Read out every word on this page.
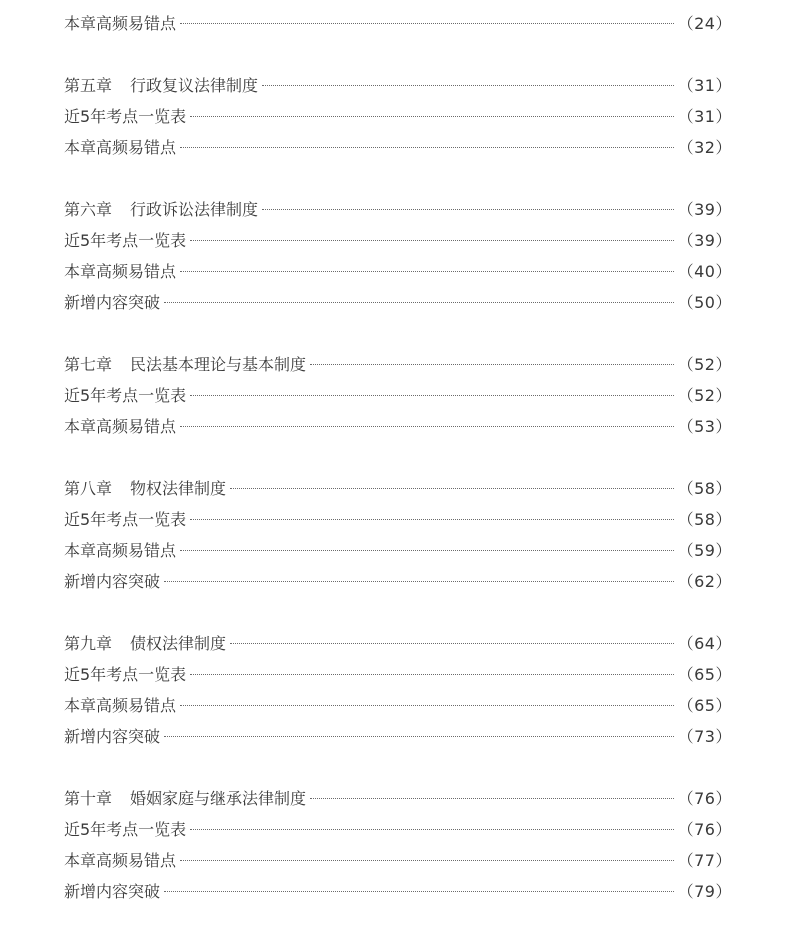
本章高频易错点	（24）
第五章 行政复议法律制度	（31）
近5年考点一览表	（31）
本章高频易错点	（32）
第六章 行政诉讼法律制度	（39）
近5年考点一览表	（39）
本章高频易错点	（40）
新增内容突破	（50）
第七章 民法基本理论与基本制度	（52）
近5年考点一览表	（52）
本章高频易错点	（53）
第八章 物权法律制度	（58）
近5年考点一览表	（58）
本章高频易错点	（59）
新增内容突破	（62）
第九章 债权法律制度	（64）
近5年考点一览表	（65）
本章高频易错点	（65）
新增内容突破	（73）
第十章 婚姻家庭与继承法律制度	（76）
近5年考点一览表	（76）
本章高频易错点	（77）
新增内容突破	（79）
